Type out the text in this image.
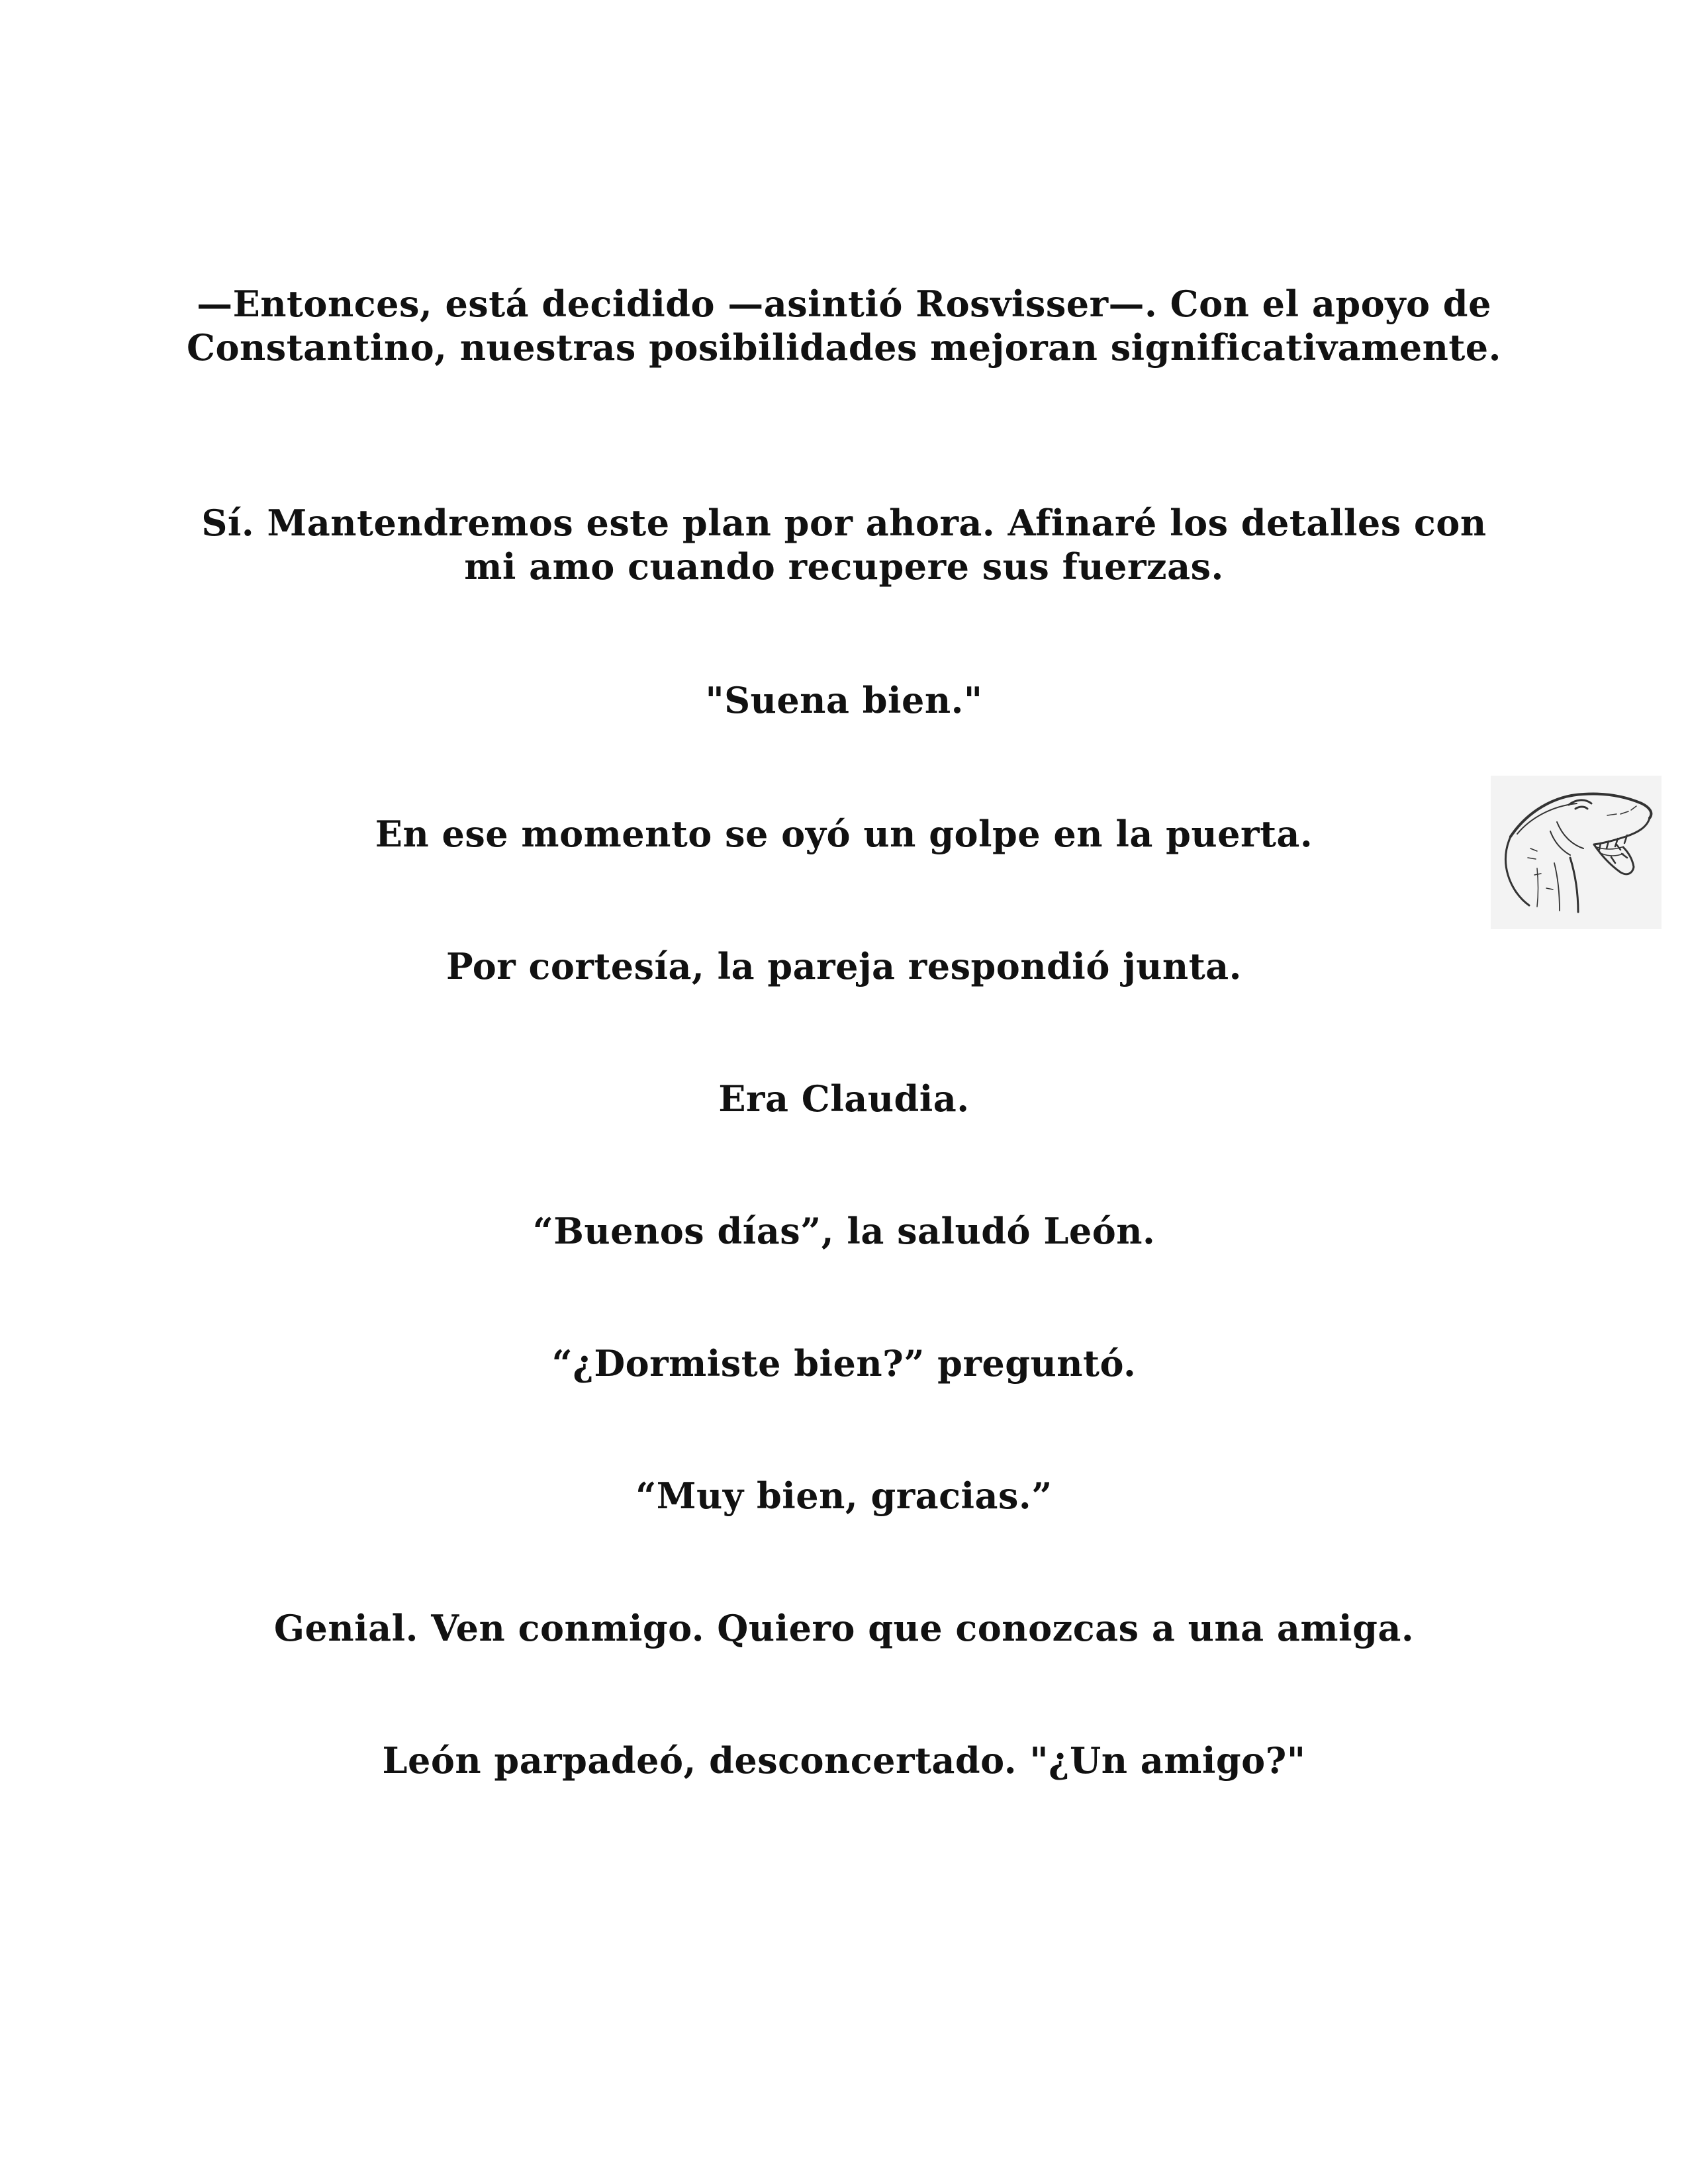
—Entonces, está decidido —asintió Rosvisser—. Con el apoyo de Constantino, nuestras posibilidades mejoran significativamente.

Sí. Mantendremos este plan por ahora. Afinaré los detalles con mi amo cuando recupere sus fuerzas.

"Suena bien."

En ese momento se oyó un golpe en la puerta.

Por cortesía, la pareja respondió junta.

Era Claudia.

“Buenos días”, la saludó León.

“¿Dormiste bien?” preguntó.

“Muy bien, gracias.”

Genial. Ven conmigo. Quiero que conozcas a una amiga.

León parpadeó, desconcertado. "¿Un amigo?"
